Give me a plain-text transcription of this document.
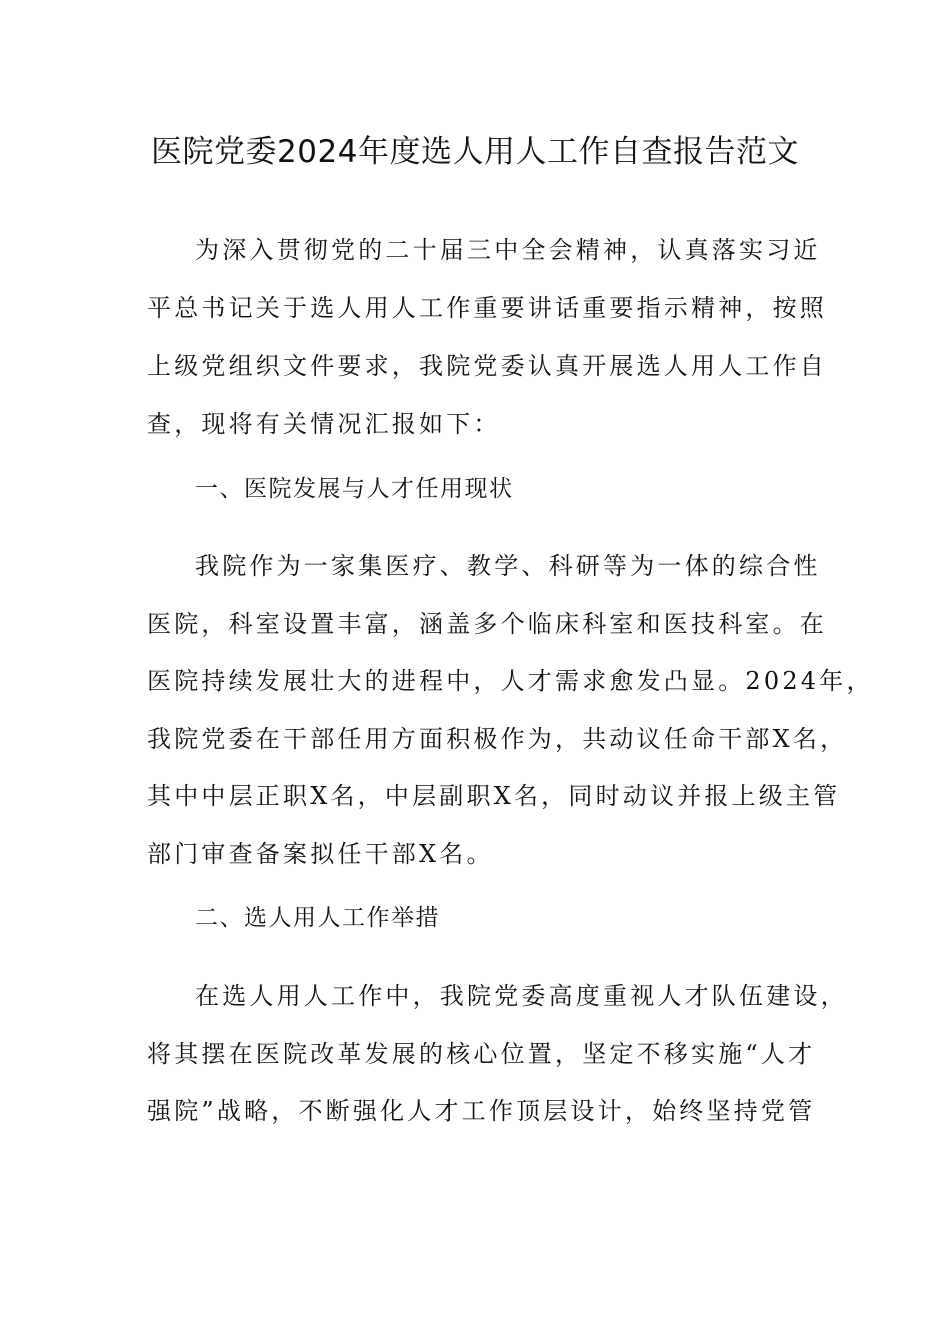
医院党委2024年度选人用人工作自查报告范文
为深入贯彻党的二十届三中全会精神，认真落实习近
平总书记关于选人用人工作重要讲话重要指示精神，按照
上级党组织文件要求，我院党委认真开展选人用人工作自
查，现将有关情况汇报如下：
一、医院发展与人才任用现状
我院作为一家集医疗、教学、科研等为一体的综合性
医院，科室设置丰富，涵盖多个临床科室和医技科室。在
医院持续发展壮大的进程中，人才需求愈发凸显。2024年，
我院党委在干部任用方面积极作为，共动议任命干部X名，
其中中层正职X名，中层副职X名，同时动议并报上级主管
部门审查备案拟任干部X名。
二、选人用人工作举措
在选人用人工作中，我院党委高度重视人才队伍建设，
将其摆在医院改革发展的核心位置，坚定不移实施“人才
强院”战略，不断强化人才工作顶层设计，始终坚持党管
